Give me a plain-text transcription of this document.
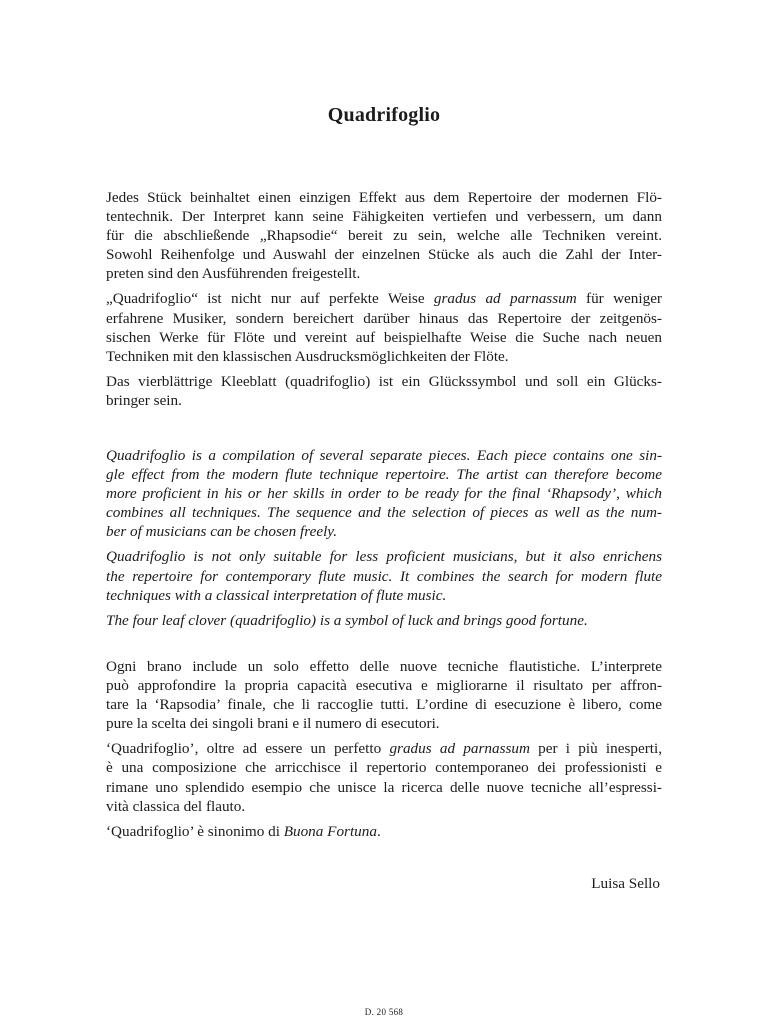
Quadrifoglio

Jedes Stück beinhaltet einen einzigen Effekt aus dem Repertoire der modernen Flö-
tentechnik. Der Interpret kann seine Fähigkeiten vertiefen und verbessern, um dann
für die abschließende „Rhapsodie“ bereit zu sein, welche alle Techniken vereint.
Sowohl Reihenfolge und Auswahl der einzelnen Stücke als auch die Zahl der Inter-
preten sind den Ausführenden freigestellt.

„Quadrifoglio“ ist nicht nur auf perfekte Weise gradus ad parnassum für weniger
erfahrene Musiker, sondern bereichert darüber hinaus das Repertoire der zeitgenös-
sischen Werke für Flöte und vereint auf beispielhafte Weise die Suche nach neuen
Techniken mit den klassischen Ausdrucksmöglichkeiten der Flöte.

Das vierblättrige Kleeblatt (quadrifoglio) ist ein Glückssymbol und soll ein Glücks-
bringer sein.

Quadrifoglio is a compilation of several separate pieces. Each piece contains one sin-
gle effect from the modern flute technique repertoire. The artist can therefore become
more proficient in his or her skills in order to be ready for the final ‘Rhapsody’, which
combines all techniques. The sequence and the selection of pieces as well as the num-
ber of musicians can be chosen freely.

Quadrifoglio is not only suitable for less proficient musicians, but it also enrichens
the repertoire for contemporary flute music. It combines the search for modern flute
techniques with a classical interpretation of flute music.

The four leaf clover (quadrifoglio) is a symbol of luck and brings good fortune.

Ogni brano include un solo effetto delle nuove tecniche flautistiche. L’interprete
può approfondire la propria capacità esecutiva e migliorarne il risultato per affron-
tare la ‘Rapsodia’ finale, che li raccoglie tutti. L’ordine di esecuzione è libero, come
pure la scelta dei singoli brani e il numero di esecutori.

‘Quadrifoglio’, oltre ad essere un perfetto gradus ad parnassum per i più inesperti,
è una composizione che arricchisce il repertorio contemporaneo dei professionisti e
rimane uno splendido esempio che unisce la ricerca delle nuove tecniche all’espressi-
vità classica del flauto.

‘Quadrifoglio’ è sinonimo di Buona Fortuna.

Luisa Sello
D. 20 568
